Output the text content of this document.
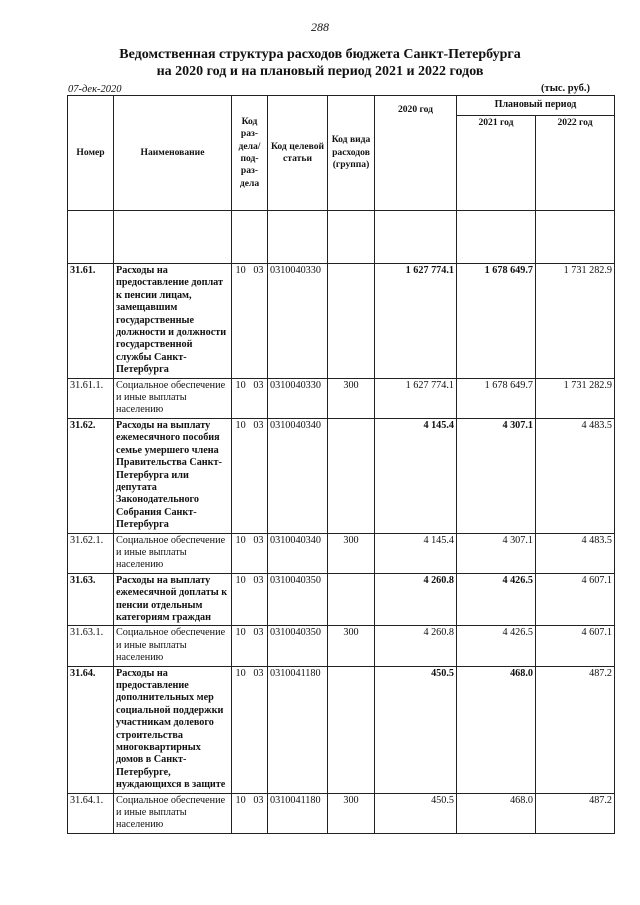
288
Ведомственная структура расходов бюджета Санкт-Петербурга
на 2020 год и на плановый период 2021 и 2022 годов
07-дек-2020	(тыс. руб.)
Номер	Наименование	Код раз-дела/ под-раз-дела	Код целевой статьи	Код вида расходов (группа)	2020 год	Плановый период	
						2021 год	2022 год

31.61.	Расходы на предоставление доплат к пенсии лицам, замещавшим государственные должности и должности государственной службы Санкт-Петербурга	10 03	0310040330		1 627 774.1	1 678 649.7	1 731 282.9
31.61.1.	Социальное обеспечение и иные выплаты населению	10 03	0310040330	300	1 627 774.1	1 678 649.7	1 731 282.9
31.62.	Расходы на выплату ежемесячного пособия семье умершего члена Правительства Санкт-Петербурга или депутата Законодательного Собрания Санкт-Петербурга	10 03	0310040340		4 145.4	4 307.1	4 483.5
31.62.1.	Социальное обеспечение и иные выплаты населению	10 03	0310040340	300	4 145.4	4 307.1	4 483.5
31.63.	Расходы на выплату ежемесячной доплаты к пенсии отдельным категориям граждан	10 03	0310040350		4 260.8	4 426.5	4 607.1
31.63.1.	Социальное обеспечение и иные выплаты населению	10 03	0310040350	300	4 260.8	4 426.5	4 607.1
31.64.	Расходы на предоставление дополнительных мер социальной поддержки участникам долевого строительства многоквартирных домов в Санкт-Петербурге, нуждающихся в защите	10 03	0310041180		450.5	468.0	487.2
31.64.1.	Социальное обеспечение и иные выплаты населению	10 03	0310041180	300	450.5	468.0	487.2
